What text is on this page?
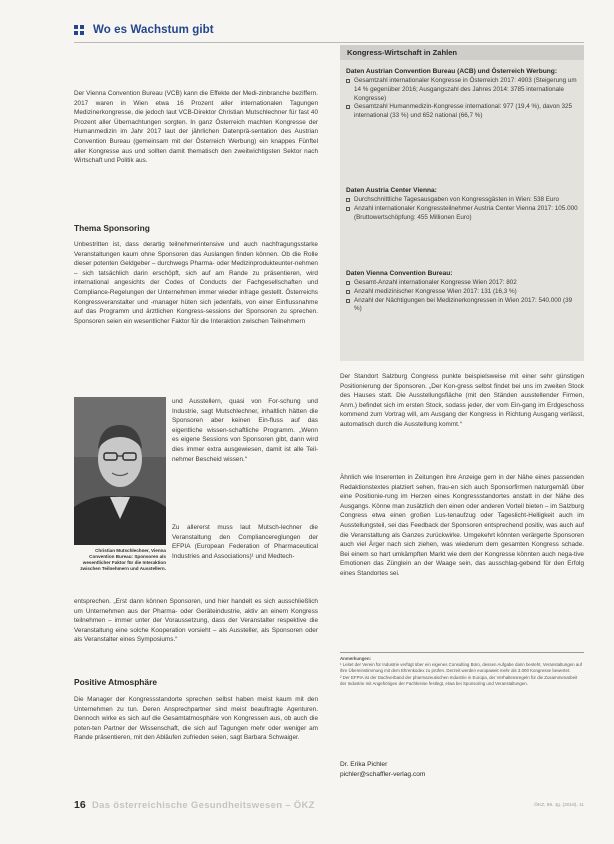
Wo es Wachstum gibt

Der Vienna Convention Bureau (VCB) kann die Effekte der Medi-zinbranche beziffern. 2017 waren in Wien etwa 16 Prozent aller internationalen Tagungen Medizinerkongresse, die jedoch laut VCB-Direktor Christian Mutschlechner für fast 40 Prozent aller Übernachtungen sorgten. In ganz Österreich machten Kongresse der Humanmedizin im Jahr 2017 laut der jährlichen Datenprä-sentation des Austrian Convention Bureau (gemeinsam mit der Österreich Werbung) ein knappes Fünftel aller Kongresse aus und sollten damit thematisch den zweitwichtigsten Sektor nach Wirtschaft und Politik aus.

Thema Sponsoring

Unbestritten ist, dass derartig teilnehmerintensive und auch nachfragungsstarke Veranstaltungen kaum ohne Sponsoren das Auslangen finden können. Ob die Rolle dieser potenten Geldgeber – durchwegs Pharma- oder Medizinprodukteunter-nehmen – sich tatsächlich darin erschöpft, sich auf am Rande zu präsentieren, wird international angesichts der Codes of Conducts der Fachgesellschaften und Compliance-Regelungen der Unternehmen immer wieder infrage gestellt. Österreichs Kongressveranstalter und -manager hüten sich jedenfalls, von einer Einflussnahme auf das Programm und ärztlichen Kongress-sessions der Sponsoren zu sprechen. Sponsoren seien ein wesentlicher Faktor für die Interaktion zwischen Teilnehmern

Christian Mutschlechner, Vienna Convention Bureau: Sponsoren als wesentlicher Faktor für die Interaktion zwischen Teilnehmern und Ausstellern.

und Ausstellern, quasi von For-schung und Industrie, sagt Mutschlechner, inhaltlich hätten die Sponsoren aber keinen Ein-fluss auf das eigentliche wissen-schaftliche Programm. „Wenn es eigene Sessions von Sponsoren gibt, dann wird dies immer extra ausgewiesen, damit ist alle Teil-nehmer Bescheid wissen.“

Zu allererst muss laut Mutsch-lechner die Veranstaltung den Compliancereglungen der EFPIA (European Federation of Pharmaceutical Industries and Associations)¹ und Medtech-

entsprechen. „Erst dann können Sponsoren, und hier handelt es sich ausschließlich um Unternehmen aus der Pharma- oder Geräteindustrie, aktiv an einem Kongress teilnehmen – immer unter der Voraussetzung, dass der Veranstalter respektive die Veranstaltung eine solche Kooperation vorsieht – als Aussteller, als Sponsoren oder als Veranstalter eines Symposiums.“

Positive Atmosphäre

Die Manager der Kongressstandorte sprechen selbst haben meist kaum mit den Unternehmen zu tun. Deren Ansprechpartner sind meist beauftragte Agenturen. Dennoch wirke es sich auf die Gesamtatmosphäre von Kongressen aus, ob auch die poten-ten Partner der Wissenschaft, die sich auf Tagungen mehr oder weniger am Rande präsentieren, mit den Abläufen zufrieden seien, sagt Barbara Schwaiger.

Kongress-Wirtschaft in Zahlen
Daten Austrian Convention Bureau (ACB) und Österreich Werbung:
Gesamtzahl internationaler Kongresse in Österreich 2017: 4903 (Steigerung um 14 % gegenüber 2016; Ausgangszahl des Jahres 2014: 3785 internationale Kongresse)
Gesamtzahl Humanmedizin-Kongresse international: 977 (19,4 %), davon 325 international (33 %) und 652 national (66,7 %)
Daten Austria Center Vienna:
Durchschnittliche Tagesausgaben von Kongressgästen in Wien: 538 Euro
Anzahl internationaler Kongressteilnehmer Austria Center Vienna 2017: 105.000 (Bruttowertschöpfung: 455 Millionen Euro)
Daten Vienna Convention Bureau:
Gesamt-Anzahl internationaler Kongresse Wien 2017: 802
Anzahl medizinischer Kongresse Wien 2017: 131 (16,3 %)
Anzahl der Nächtigungen bei Medizinerkongressen in Wien 2017: 540.000 (39 %)

Der Standort Salzburg Congress punkte beispielsweise mit einer sehr günstigen Positionierung der Sponsoren. „Der Kon-gress selbst findet bei uns im zweiten Stock des Hauses statt. Die Ausstellungsfläche (mit den Ständen ausstellender Firmen, Anm.) befindet sich im ersten Stock, sodass jeder, der vom Ein-gang im Erdgeschoss kommend zum Vortrag will, am Ausgang der Kongress in Richtung Ausgang verlässt, automatisch durch die Ausstellung kommt.“

Ähnlich wie Inserenten in Zeitungen ihre Anzeige gern in der Nähe eines passenden Redaktionstextes platziert sehen, frau-en sich auch Sponsorfirmen naturgemäß über eine Positionie-rung im Herzen eines Kongressstandortes anstatt in der Nähe des Ausgangs. Könne man zusätzlich den einen oder anderen Vorteil bieten – im Salzburg Congress etwa einen großen Lus-tenaufzug oder Tageslicht-Helligkeit auch im Ausstellungsteil, sei das Feedback der Sponsoren entsprechend positiv, was auch auf die Veranstaltung als Ganzes zurückwirke. Umgekehrt könnten verärgerte Sponsoren auch viel Ärger nach sich ziehen, was wiederum dem gesamten Kongress schade. Bei einem so hart umkämpften Markt wie dem der Kongresse könnten auch nega-tive Emotionen das Zünglein an der Waage sein, das ausschlag-gebend für den Erfolg eines Standortes sei.

Anmerkungen:
¹ Leitet der Verein für Industrie verfügt über ein eigenes Consulting Büro, dessen Aufgabe darin besteht, Veranstaltungen auf ihre Übereinstimmung mit dem Ehrenkodex zu prüfen. Derzeit werden europaweit mehr als 3.000 Kongresse bewertet.
² Der EFPIA ist der Dachverband der pharmazeutischen Industrie in Europa, der Verhaltensregeln für die Zusammenarbeit der Industrie mit Angehörigen der Fachkreise festlegt, etwa bei Sponsoring und Veranstaltungen.
Dr. Erika Pichler
pichler@schaffler-verlag.com
16 Das österreichische Gesundheitswesen – ÖKZ	ÖKZ, 59. Jg. (2018), 11
